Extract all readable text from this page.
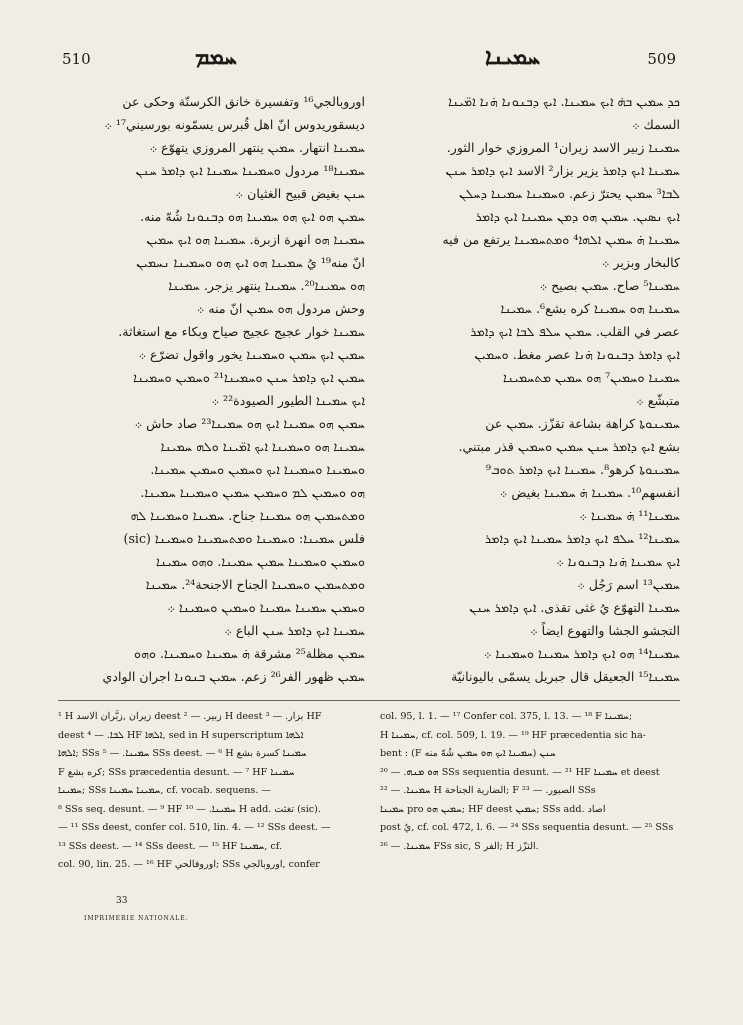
510	ܚܡܡ	ܚܡܝܢܐ	509
اوروبالجي¹⁶ وتفسيرة خانق الكرسنّة وحكى عن
ديسقوريدوس انّ اهل قُبرس يسمّونه بورسيني¹⁷ ܀
ܚܡܝܢܐ انتهار. ܚܡܝܢ ينتهر المروزي يتهوّع ܀
ܚܡܝܢܐ¹⁸ مردول ܘܚܡܝܢܐ ܚܡܝܢܐ ܐܝܟ ܕܐܡܪ ܚܢܢ
ܚܢܢ بغيض قبيح الغثيان ܀
ܚܡܝܢ ܗܘ ܐܝܟ ܗܘ ܚܡܝܢܐ ܗܘ ܕܒܢܘܢܐ شُهّ منه.
ܚܡܝܢܐ ܗܘ انهرة ازبرة. ܚܡܝܢܐ ܗܘ ܐܝܟ ܚܡܝܢ
انّ منه¹⁹ يُ ܚܡܝܢܐ ܗܘ ܐܝܟ ܗܘ ܘܚܡܝܢܐ ܢܚܡܝܢ
ܗܘ ܚܡܝܢܐ²⁰. ܚܡܝܢܐ ينتهر يزجر. ܚܡܝܢܐ
وحش مردول ܗܘ ܚܡܝܢ انّ منه ܀
ܚܡܝܢܐ خوار عجيج عجيج صياح وبكاء مع استغاثة.
ܚܡܝܢ ܐܝܟ ܚܡܝܢ ܘܚܡܝܢܐ يخور واقول تضرّع ܀
ܚܡܝܢ ܐܝܟ ܕܐܡܪ ܚܢܢ ܘܚܡܝܢܐ²¹ ܘܚܡܝܢ ܘܚܡܝܢܐ
ܐܝܟ ܚܡܝܢܐ الطيور الصيودة²² ܀
ܚܡܝܢ ܗܘ ܚܡܝܢܐ ܐܝܟ ܗܘ ܚܡܝܢܐ²³ صاد حاش ܀
ܚܡܝܢܐ ܗܘ ܘܚܡܝܢܐ ܐܝܟ ܐܡ̈ܝܢܐ ܘܠܗ ܚܡܝܢܐ
ܘܚܡܝܢܐ ܘܚܡܝܢܐ ܐܝܟ ܘܚܡܝܢ ܘܚܡܝܢ ܚܡܝܢܐ.
ܗܘ ܘܚܡܝܢ ܠܡ ܘܚܡܝܢ ܚܡܝܢ ܘܚܡܝܢܐ ܚܡܝܢܐ.
ܘܡܬܚܡܝܢ ܗܘ ܚܡܝܢܐ جناح. ܚܡܝܢܐ ܘܚܡܝܢܐ ܠܗ
فلس ܚܡܝܢܐ: ܘܚܡܝܢܐ ܘܡܬܚܡܝܢܐ ܘܚܡܝܢܐ (sic)
ܘܚܡܝܢ ܘܚܡܝܢܐ ܚܡܝܢ ܚܡܝܢܐ. ܘܗܘ ܚܡܝܢܐ
ܘܡܬܚܡܝܢ ܘܚܡܝܢܐ الجناح الاجنحة²⁴. ܚܡܝܢܐ
ܘܚܡܝܢ ܚܡܝܢܐ ܚܡܝܢܐ ܘܚܡܝܢ ܘܚܡܝܢܐ ܀
ܚܡܝܢܐ ܐܝܟ ܕܐܡܪ ܚܢܢ الباع ܀
ܚܡܝܢ مظلة²⁵ مشرقة ܗ̇ ܚܡܝܢܐ ܘܚܡܝܢܐ. ܘܗܘ
ܚܡܝܢ ظهور الفر²⁶ زعم. ܚܡܝܢ ܒܢܘܢܐ اجران الوادي
ܟܕ ܚܡܝܢ ܒܗ̇ ܐܝܟ ܚܡܝܢܐ. ܐܝܟ ܕܒܢܘܢܐ ܗ̇ܢܐ ܐܡ̈ܝܢܐ
السمك ܀
ܚܡܝܢܐ زبير الاسد زيران¹ المروزي خوار الثور.
ܚܡܝܢܐ ܐܝܟ ܕܐܡܪ يزير بزار² الاسد ܐܝܟ ܕܐܡܪ ܚܢܢ
ܠܒܐ³ ܚܡܝܢ يحترّ زعم. ܘܚܡܝܢܐ ܚܡܝܢܐ ܕܚܠܢ
ܐܝܟ ܢܣܝܢ. ܚܡܝܢ ܗܘ ܕܡܢ ܚܡܝܢܐ ܐܝܟ ܕܐܡܪ
ܚܡܝܢܐ ܗ̇ ܚܡܝܢ ܐܠܗܐ⁴ ܘܡܬܚܡܝܢܐ يرتفع من فيه
كالبخار وبزير ܀
ܚܡܝܢܐ⁵ صاح. ܚܡܝܢ بصيح ܀
ܚܡܝܢܐ ܗܘ ܚܡܝܢܐ كره بشع⁶. ܚܡܝܢܐ
عصر في القلب. ܚܡܝܢ ܚܠܦ ܠܒܐ ܐܝܟ ܕܐܡܪ
ܐܝܟ ܕܐܡܪ ܕܒܢܘܢܐ ܗ̇ܢܐ عصر مغط. ܘܚܡܝܢ
ܚܡܝܢܐ ܘܚܡܝܢ⁷ ܗܘ ܚܡܝܢ ܡܬܚܡܝܢܐ
متبشّع ܀
ܚܡܝܢܘܬܐ كراهة بشاعة تقزّز. ܚܡܝܢ عن
بشع ܐܝܟ ܕܐܡܪ ܚܢܢ ܚܡܝܢ ܘܚܡܝܢ قذر مبتني.
ܚܡܝܢܘܬܐ كره‍و⁸. ܚܡܝܢܐ ܐܝܟ ܕܐܡܪ ܬܘܒ⁹
انفسهم¹⁰. ܚܡܝܢܐ ܗ̇ ܚܡܝܢܐ بغيض ܀
ܚܡܝܢܐ¹¹ ܗ̇ ܚܡܝܢܐ ܀
ܚܡܝܢܐ¹² ܚܠܦ ܐܝܟ ܕܐܡܪ ܚܡܝܢܐ ܐܝܟ ܕܐܡܪ
ܐܝܟ ܚܡܝܢܐ ܗ̇ܢܐ ܕܒܢܘܢܐ ܀
ܚܡܝܢ¹³ اسم رَجُل ܀
ܚܡܝܢܐ التهوّع يُ غثى تقذى. ܐܝܟ ܕܐܡܪ ܚܢܢ
التجشو الجشا والتهوع ايضاً ܀
ܚܡܝܢܐ¹⁴ ܗܘ ܐܝܟ ܕܐܡܪ ܚܡܝܢܐ ܘܚܡܝܢܐ ܀
ܚܡܝܢܐ¹⁵ الجعيقل قال جبريل يسمّى باليونانيّة
¹ H زيران ,زبَّران الاسد deest زبير. — ² H deest بزار. — ³ HF
deest ܠܒܐ. — ⁴ HF ܐܠܗܐ, sed in H superscriptum ܐܠܗܐ
ܐܠܗܐ; SSs ܚܡܝܢܐ. — ⁵ SSs deest. — ⁶ H ܚܡܝܢܐ كسرة بشع
F كره بشع; SSs præcedentia desunt. — ⁷ HF ܚܡܝܢܐ
ܚܡܝܢܐ; SSs ܚܡܝܢܐ ܚܡܝܢܐ, cf. vocab. sequens. —
⁸ SSs seq. desunt. — ⁹ HF ܚܡܝܢܐ. — ¹⁰ H add. تغثت (sic).
— ¹¹ SSs deest, confer col. 510, lin. 4. — ¹² SSs deest. —
¹³ SSs deest. — ¹⁴ SSs deest. — ¹⁵ HF ܚܡܝܢܐ, cf.
col. 90, lin. 25. — ¹⁶ HF اوروفالحي; SSs اوروبالجي, confer
col. 95, l. 1. — ¹⁷ Confer col. 375, l. 13. — ¹⁸ F ܚܡܝܢܐ;
H ܚܡܝܢܐ, cf. col. 509, l. 19. — ¹⁹ HF præcedentia sic ha-
bent : (F ܚܡܝܢܐ ܐܝܟ ܗܘ ܚܡܝܢ شُهّ منه) ܚܢܢ
ܗܘ ܡܢܗ. — ²⁰ SSs sequentia desunt. — ²¹ HF ܚܡܝܢܐ et deest
ܚܡܝܢܐ. — ²² H الضارية الجناحة; F الصيور. — ²³ SSs
ܚܡܝܢܐ pro ܚܡܝܢ ܗܘ; HF deest ܚܡܝܢ; SSs add. اصاد
post يُ, cf. col. 472, l. 6. — ²⁴ SSs sequentia desunt. — ²⁵ SSs
ܚܡܝܢܐ. — ²⁶ FSs sic, S الفر; H التزّز.
33
IMPRIMERIE NATIONALE.
